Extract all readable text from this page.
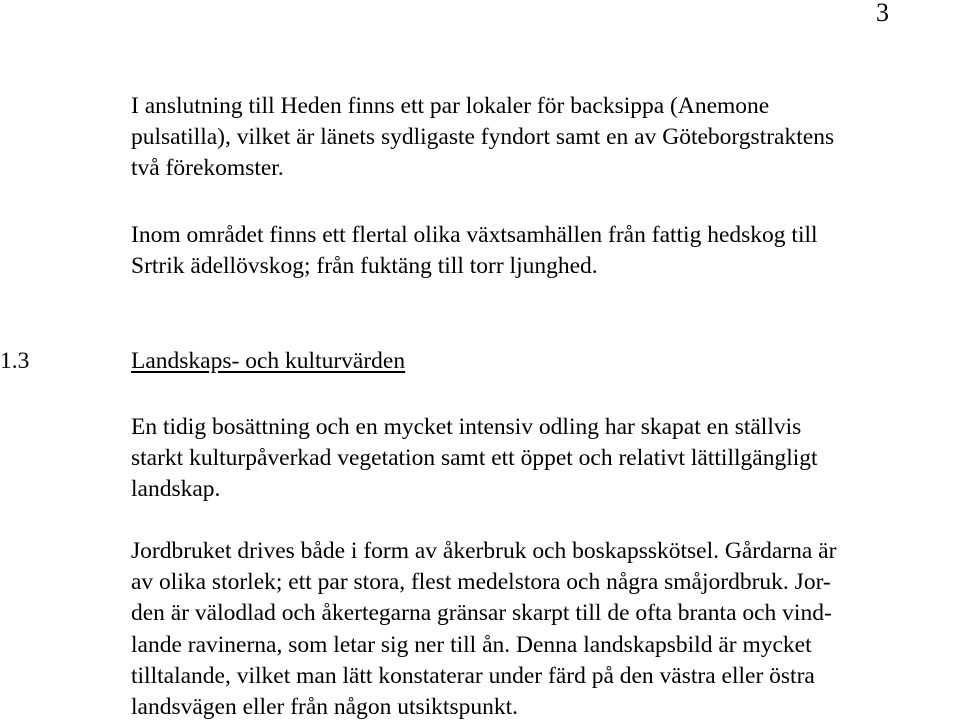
3

I anslutning till Heden finns ett par lokaler för backsippa (Anemone
pulsatilla), vilket är länets sydligaste fyndort samt en av Göteborgstraktens
två förekomster.

Inom området finns ett flertal olika växtsamhällen från fattig hedskog till
Srtrik ädellövskog; från fuktäng till torr ljunghed.

1.3	Landskaps- och kulturvärden

En tidig bosättning och en mycket intensiv odling har skapat en ställvis
starkt kulturpåverkad vegetation samt ett öppet och relativt lättillgängligt
landskap.

Jordbruket drives både i form av åkerbruk och boskapsskötsel. Gårdarna är
av olika storlek; ett par stora, flest medelstora och några småjordbruk. Jor-
den är välodlad och åkertegarna gränsar skarpt till de ofta branta och vind-
lande ravinerna, som letar sig ner till ån. Denna landskapsbild är mycket
tilltalande, vilket man lätt konstaterar under färd på den västra eller östra
landsvägen eller från någon utsiktspunkt.
